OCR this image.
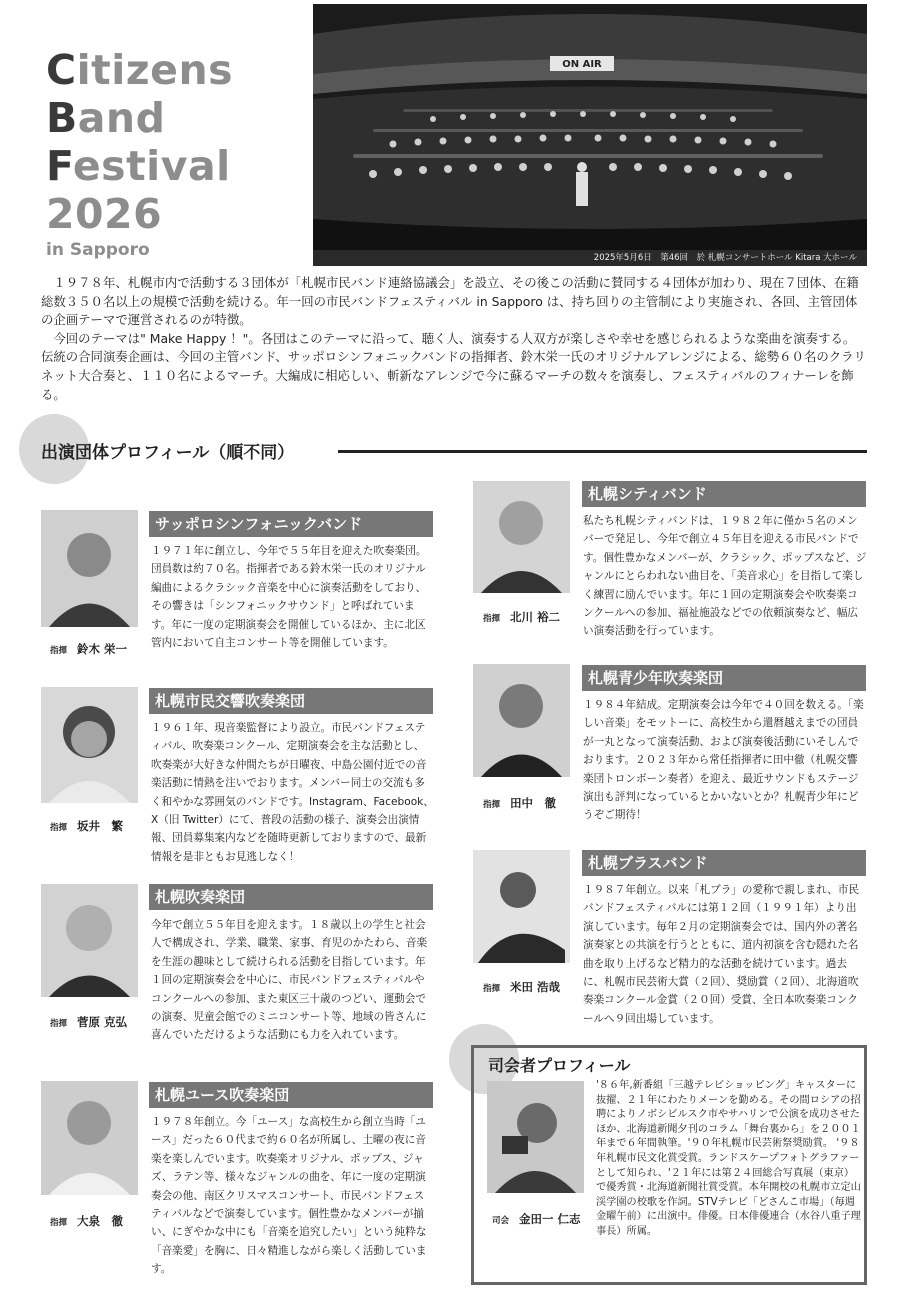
Citizens
Band
Festival
2026
in Sapporo
ON AIR
2025年5月6日　第46回　於 札幌コンサートホール Kitara 大ホール

１９７８年、札幌市内で活動する３団体が「札幌市民バンド連絡協議会」を設立、その後この活動に賛同する４団体が加わり、現在７団体、在籍総数３５０名以上の規模で活動を続ける。年一回の市民バンドフェスティバル in Sapporo は、持ち回りの主管制により実施され、各回、主管団体の企画テーマで運営されるのが特徴。

今回のテーマは" Make Happy ！"。各団はこのテーマに沿って、聴く人、演奏する人双方が楽しさや幸せを感じられるような楽曲を演奏する。伝統の合同演奏企画は、今回の主管バンド、サッポロシンフォニックバンドの指揮者、鈴木栄一氏のオリジナルアレンジによる、総勢６０名のクラリネット大合奏と、１１０名によるマーチ。大編成に相応しい、斬新なアレンジで今に蘇るマーチの数々を演奏し、フェスティバルのフィナーレを飾る。

出演団体プロフィール（順不同）
指揮 鈴木 栄一
サッポロシンフォニックバンド
１９７１年に創立し、今年で５５年目を迎えた吹奏楽団。団員数は約７０名。指揮者である鈴木栄一氏のオリジナル編曲によるクラシック音楽を中心に演奏活動をしており、その響きは「シンフォニックサウンド」と呼ばれています。年に一度の定期演奏会を開催しているほか、主に北区管内において自主コンサート等を開催しています。
指揮 坂井　繁
札幌市民交響吹奏楽団
１９６１年、現音楽監督により設立。市民バンドフェスティバル、吹奏楽コンクール、定期演奏会を主な活動とし、吹奏楽が大好きな仲間たちが日曜夜、中島公園付近での音楽活動に情熱を注いでおります。メンバー同士の交流も多く和やかな雰囲気のバンドです。Instagram、Facebook、X（旧 Twitter）にて、普段の活動の様子、演奏会出演情報、団員募集案内などを随時更新しておりますので、最新情報を是非ともお見逃しなく！
指揮 菅原 克弘
札幌吹奏楽団
今年で創立５５年目を迎えます。１８歳以上の学生と社会人で構成され、学業、職業、家事、育児のかたわら、音楽を生涯の趣味として続けられる活動を目指しています。年１回の定期演奏会を中心に、市民バンドフェスティバルやコンクールへの参加、また東区三十歳のつどい、運動会での演奏、児童会館でのミニコンサート等、地域の皆さんに喜んでいただけるような活動にも力を入れています。
指揮 大泉　徹
札幌ユース吹奏楽団
１９７８年創立。今「ユース」な高校生から創立当時「ユース」だった６０代まで約６０名が所属し、土曜の夜に音楽を楽しんでいます。吹奏楽オリジナル、ポップス、ジャズ、ラテン等、様々なジャンルの曲を、年に一度の定期演奏会の他、南区クリスマスコンサート、市民バンドフェスティバルなどで演奏しています。個性豊かなメンバーが揃い、にぎやかな中にも「音楽を追究したい」という純粋な「音楽愛」を胸に、日々精進しながら楽しく活動しています。
指揮 北川 裕二
札幌シティバンド
私たち札幌シティバンドは、１９８２年に僅か５名のメンバーで発足し、今年で創立４５年目を迎える市民バンドです。個性豊かなメンバーが、クラシック、ポップスなど、ジャンルにとらわれない曲目を、「美音求心」を目指して楽しく練習に励んでいます。年に１回の定期演奏会や吹奏楽コンクールへの参加、福祉施設などでの依頼演奏など、幅広い演奏活動を行っています。
指揮 田中　徹
札幌青少年吹奏楽団
１９８４年結成。定期演奏会は今年で４０回を数える。「楽しい音楽」をモットーに、高校生から還暦越えまでの団員が一丸となって演奏活動、および演奏後活動にいそしんでおります。２０２３年から常任指揮者に田中徹（札幌交響楽団トロンボーン奏者）を迎え、最近サウンドもステージ演出も評判になっているとかいないとか？札幌青少年にどうぞご期待！
指揮 米田 浩哉
札幌ブラスバンド
１９８７年創立。以来「札ブラ」の愛称で親しまれ、市民バンドフェスティバルには第１２回（１９９１年）より出演しています。毎年２月の定期演奏会では、国内外の著名演奏家との共演を行うとともに、道内初演を含む隠れた名曲を取り上げるなど精力的な活動を続けています。過去に、札幌市民芸術大賞（２回）、奨励賞（２回）、北海道吹奏楽コンクール金賞（２０回）受賞、全日本吹奏楽コンクールへ９回出場しています。
司会者プロフィール
司会 金田一 仁志
'８６年,新番組「三越テレビショッピング」キャスターに抜擢、２１年にわたりメーンを勤める。その間ロシアの招聘によりノボシビルスク市やサハリンで公演を成功させたほか、北海道新聞夕刊のコラム「舞台裏から」を２００１年まで６年間執筆。'９０年札幌市民芸術祭奨励賞。 '９８年札幌市民文化賞受賞。ランドスケープフォトグラファーとして知られ、'２１年には第２４回総合写真展（東京）で優秀賞・北海道新聞社賞受賞。本年開校の札幌市立定山渓学園の校歌を作詞。STVテレビ「どさんこ市場」（毎週金曜午前）に出演中。俳優。日本俳優連合（水谷八重子理事長）所属。
